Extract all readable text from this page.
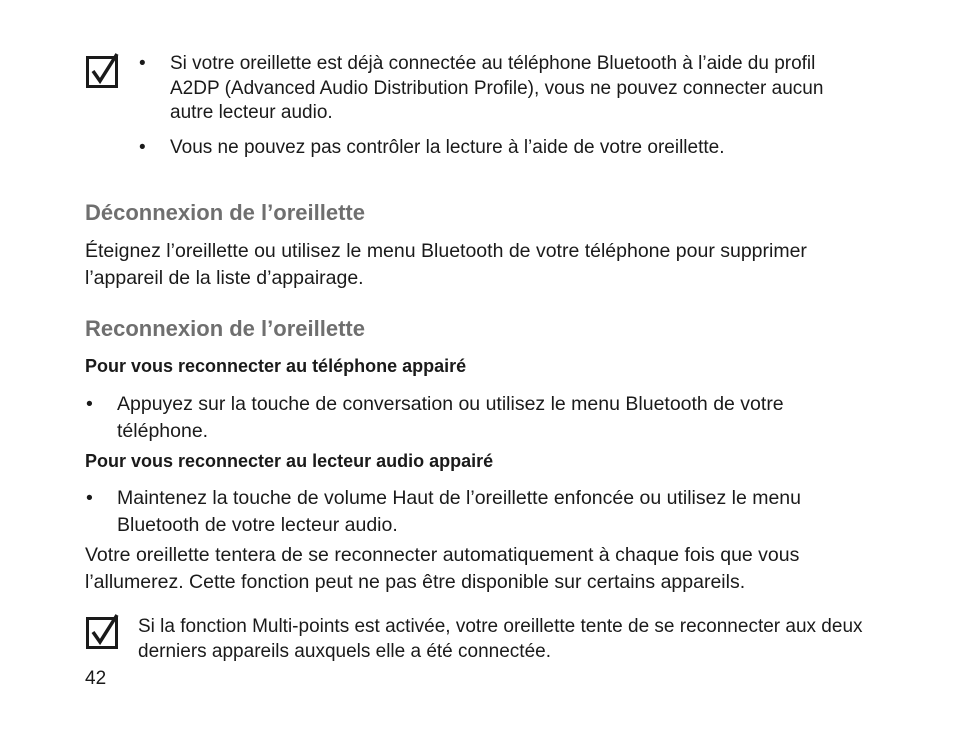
• Si votre oreillette est déjà connectée au téléphone Bluetooth à l’aide du profil A2DP (Advanced Audio Distribution Profile), vous ne pouvez connecter aucun autre lecteur audio.
• Vous ne pouvez pas contrôler la lecture à l’aide de votre oreillette.
Déconnexion de l’oreillette
Éteignez l’oreillette ou utilisez le menu Bluetooth de votre téléphone pour supprimer l’appareil de la liste d’appairage.
Reconnexion de l’oreillette
Pour vous reconnecter au téléphone appairé
• Appuyez sur la touche de conversation ou utilisez le menu Bluetooth de votre téléphone.
Pour vous reconnecter au lecteur audio appairé
• Maintenez la touche de volume Haut de l’oreillette enfoncée ou utilisez le menu Bluetooth de votre lecteur audio.
Votre oreillette tentera de se reconnecter automatiquement à chaque fois que vous l’allumerez. Cette fonction peut ne pas être disponible sur certains appareils.
Si la fonction Multi-points est activée, votre oreillette tente de se reconnecter aux deux derniers appareils auxquels elle a été connectée.
42
